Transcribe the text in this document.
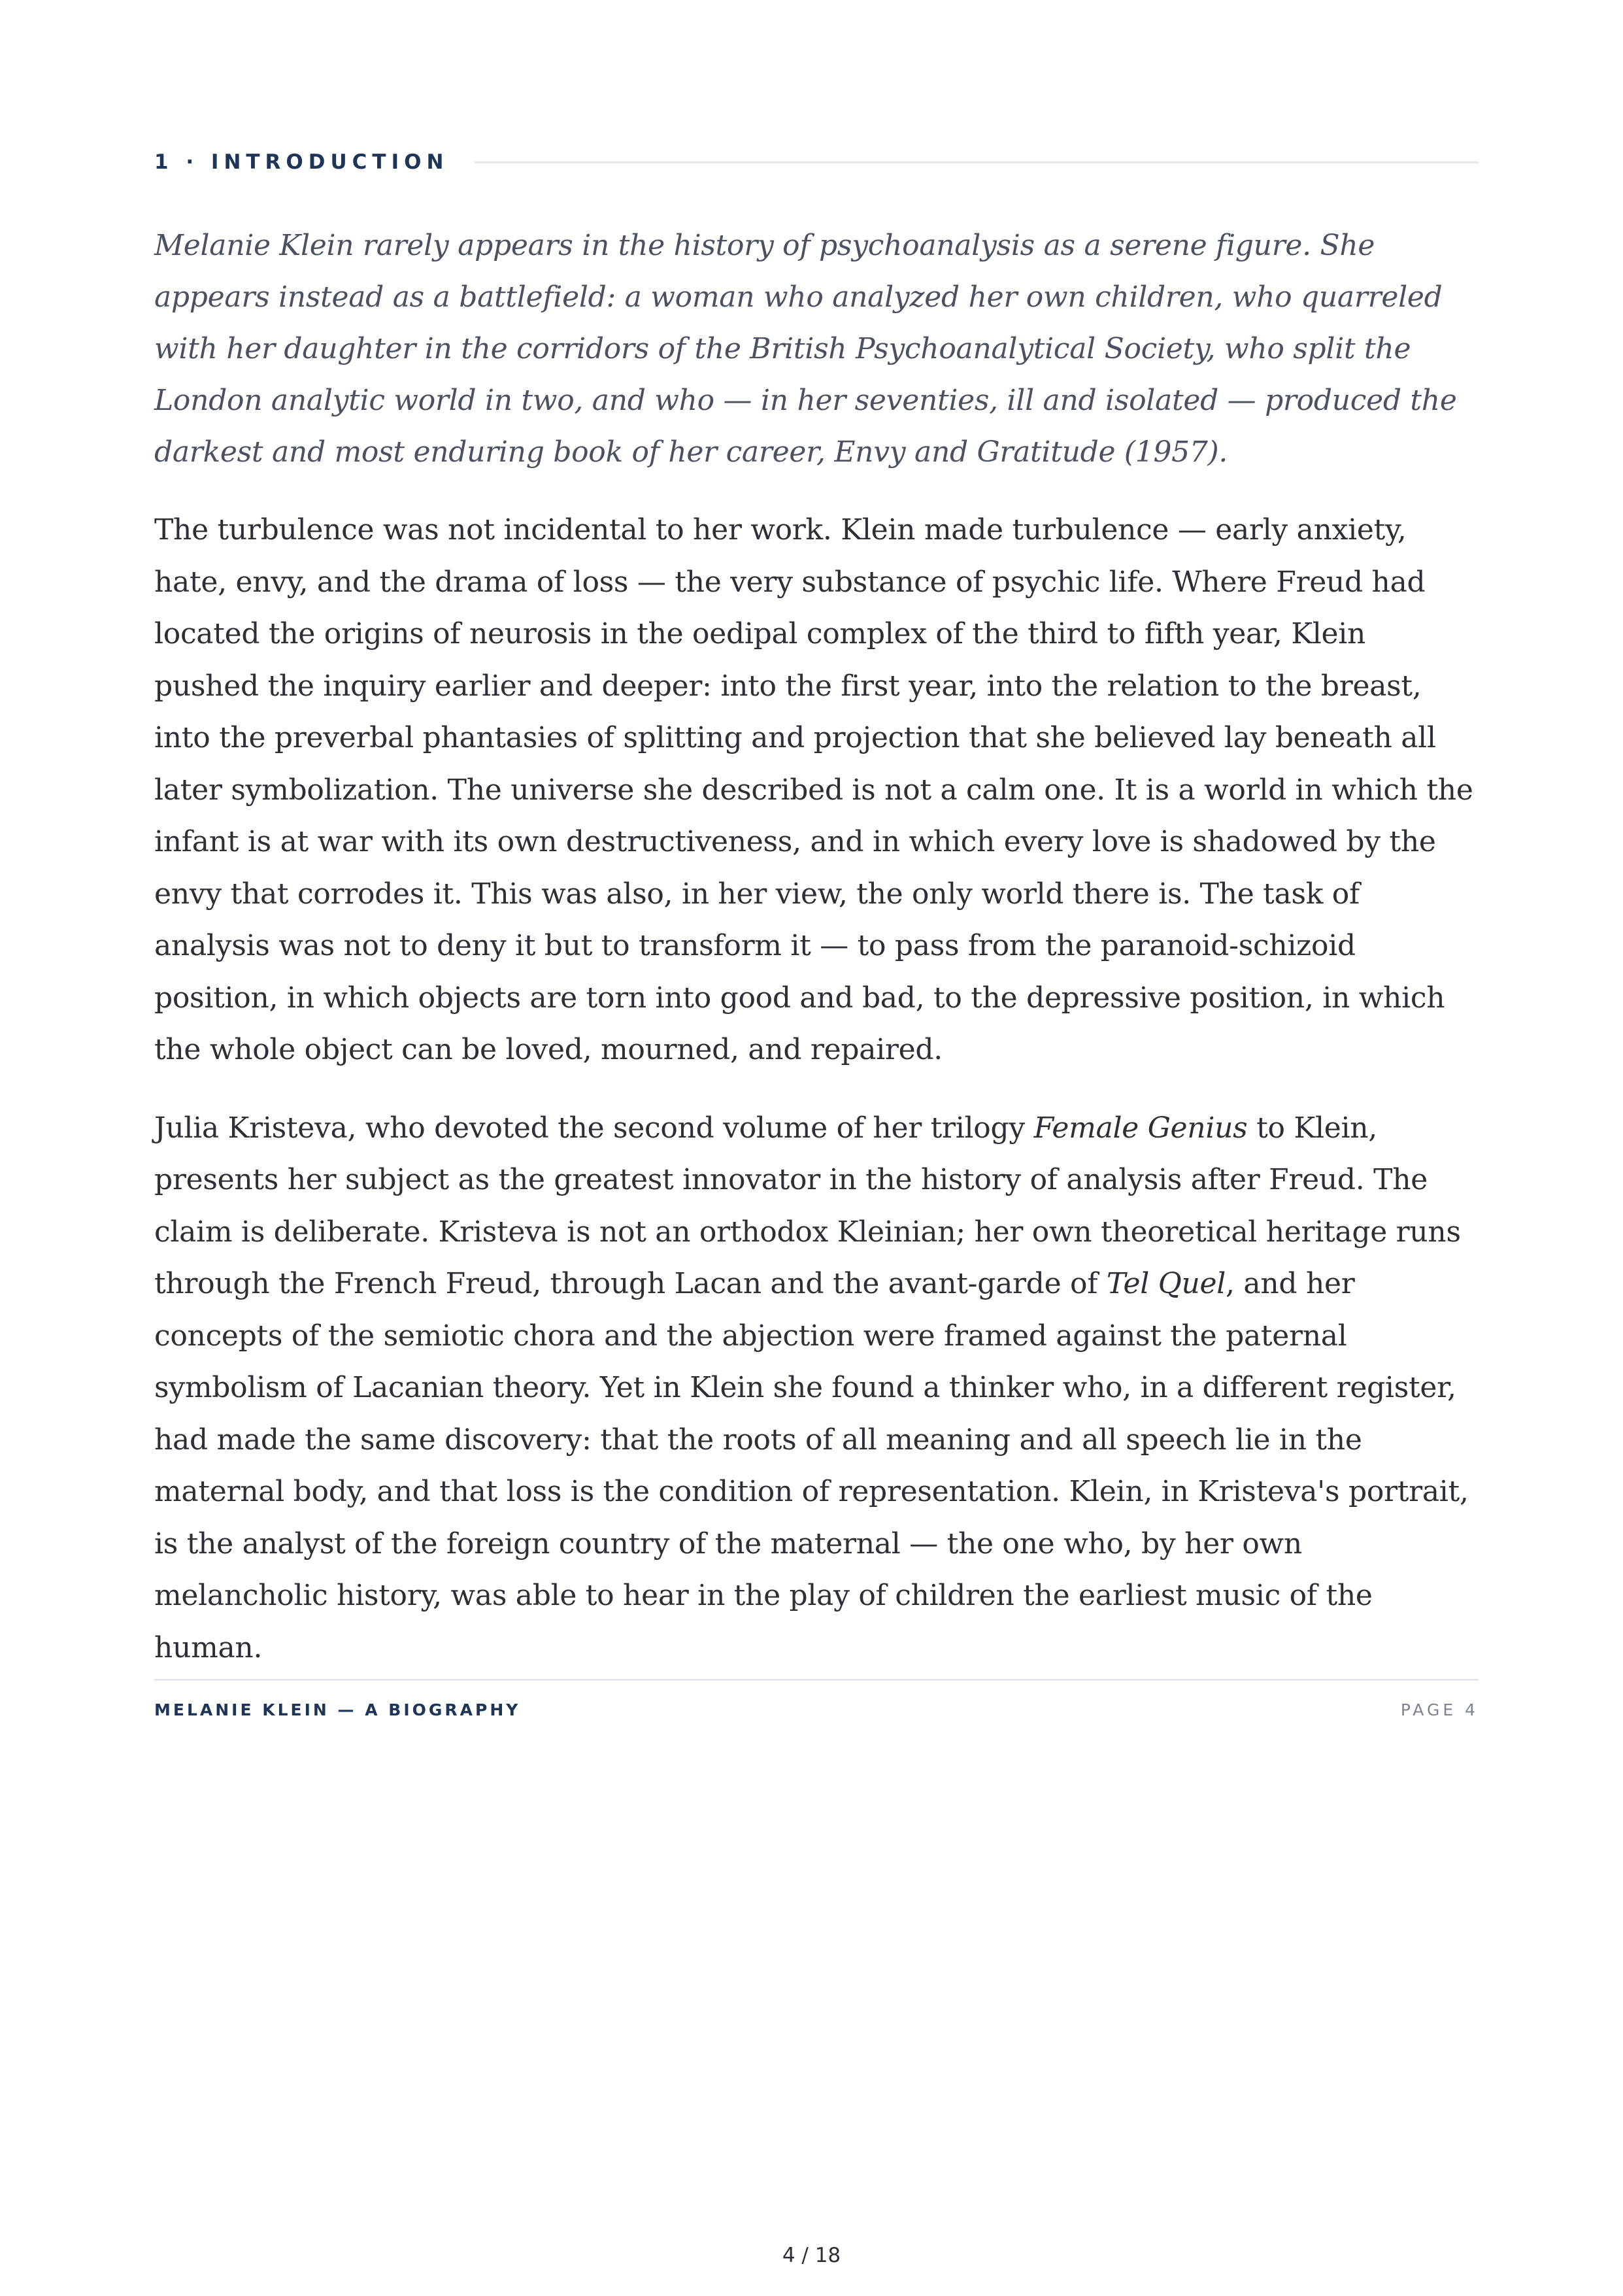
1 · INTRODUCTION

Melanie Klein rarely appears in the history of psychoanalysis as a serene figure. She appears instead as a battlefield: a woman who analyzed her own children, who quarreled with her daughter in the corridors of the British Psychoanalytical Society, who split the London analytic world in two, and who — in her seventies, ill and isolated — produced the darkest and most enduring book of her career, Envy and Gratitude (1957).

The turbulence was not incidental to her work. Klein made turbulence — early anxiety, hate, envy, and the drama of loss — the very substance of psychic life. Where Freud had located the origins of neurosis in the oedipal complex of the third to fifth year, Klein pushed the inquiry earlier and deeper: into the first year, into the relation to the breast, into the preverbal phantasies of splitting and projection that she believed lay beneath all later symbolization. The universe she described is not a calm one. It is a world in which the infant is at war with its own destructiveness, and in which every love is shadowed by the envy that corrodes it. This was also, in her view, the only world there is. The task of analysis was not to deny it but to transform it — to pass from the paranoid-schizoid position, in which objects are torn into good and bad, to the depressive position, in which the whole object can be loved, mourned, and repaired.

Julia Kristeva, who devoted the second volume of her trilogy Female Genius to Klein, presents her subject as the greatest innovator in the history of analysis after Freud. The claim is deliberate. Kristeva is not an orthodox Kleinian; her own theoretical heritage runs through the French Freud, through Lacan and the avant-garde of Tel Quel, and her concepts of the semiotic chora and the abjection were framed against the paternal symbolism of Lacanian theory. Yet in Klein she found a thinker who, in a different register, had made the same discovery: that the roots of all meaning and all speech lie in the maternal body, and that loss is the condition of representation. Klein, in Kristeva's portrait, is the analyst of the foreign country of the maternal — the one who, by her own melancholic history, was able to hear in the play of children the earliest music of the human.

MELANIE KLEIN — A BIOGRAPHY	PAGE 4
4 / 18
